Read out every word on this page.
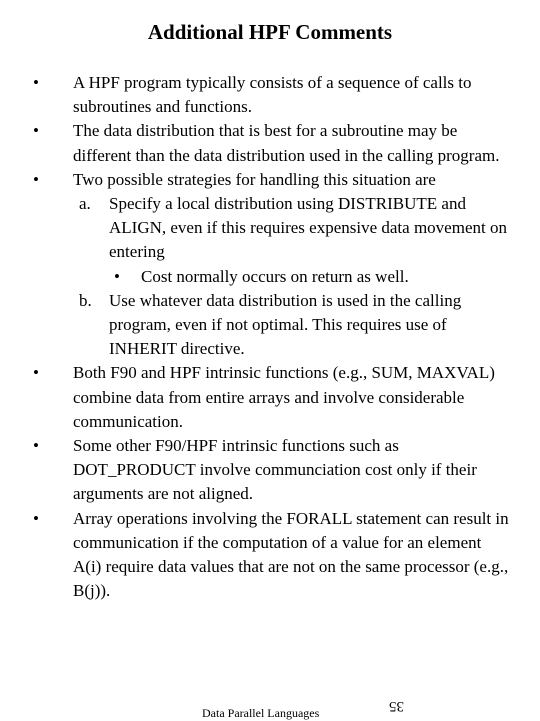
Additional HPF Comments
• A HPF program typically consists of a sequence of calls to subroutines and functions.
• The data distribution that is best for a subroutine may be different than the data distribution used in the calling program.
• Two possible strategies for handling this situation are
a. Specify a local distribution using DISTRIBUTE and ALIGN, even if this requires expensive data movement on entering
• Cost normally occurs on return as well.
b. Use whatever data distribution is used in the calling program, even if not optimal. This requires use of INHERIT directive.
• Both F90 and HPF intrinsic functions (e.g., SUM, MAXVAL) combine data from entire arrays and involve considerable communication.
• Some other F90/HPF intrinsic functions such as DOT_PRODUCT involve communciation cost only if their arguments are not aligned.
• Array operations involving the FORALL statement can result in communication if the computation of a value for an element A(i) require data values that are not on the same processor (e.g., B(j)).
Data Parallel Languages	35
